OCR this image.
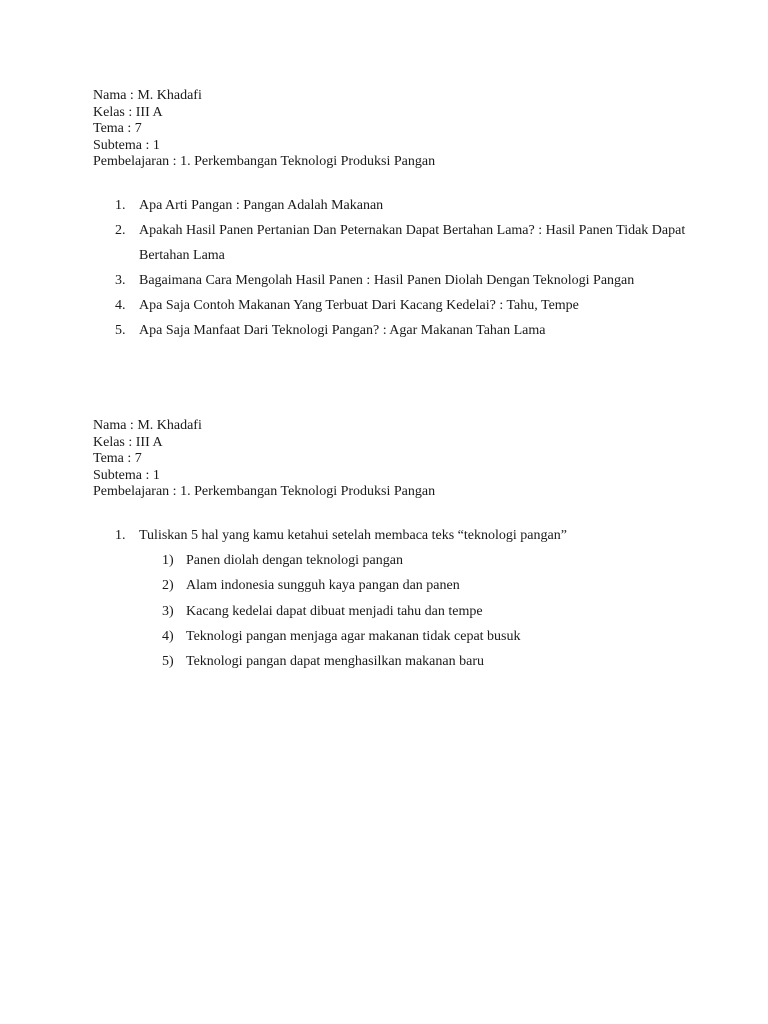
Nama : M. Khadafi
Kelas : III A
Tema : 7
Subtema : 1
Pembelajaran : 1. Perkembangan Teknologi Produksi Pangan
1. Apa Arti Pangan : Pangan Adalah Makanan
2. Apakah Hasil Panen Pertanian Dan Peternakan Dapat Bertahan Lama? : Hasil Panen Tidak Dapat Bertahan Lama
3. Bagaimana Cara Mengolah Hasil Panen : Hasil Panen Diolah Dengan Teknologi Pangan
4. Apa Saja Contoh Makanan Yang Terbuat Dari Kacang Kedelai? : Tahu, Tempe
5. Apa Saja Manfaat Dari Teknologi Pangan? : Agar Makanan Tahan Lama
Nama : M. Khadafi
Kelas : III A
Tema : 7
Subtema : 1
Pembelajaran : 1. Perkembangan Teknologi Produksi Pangan
1. Tuliskan 5 hal yang kamu ketahui setelah membaca teks “teknologi pangan”
1) Panen diolah dengan teknologi pangan
2) Alam indonesia sungguh kaya pangan dan panen
3) Kacang kedelai dapat dibuat menjadi tahu dan tempe
4) Teknologi pangan menjaga agar makanan tidak cepat busuk
5) Teknologi pangan dapat menghasilkan makanan baru
